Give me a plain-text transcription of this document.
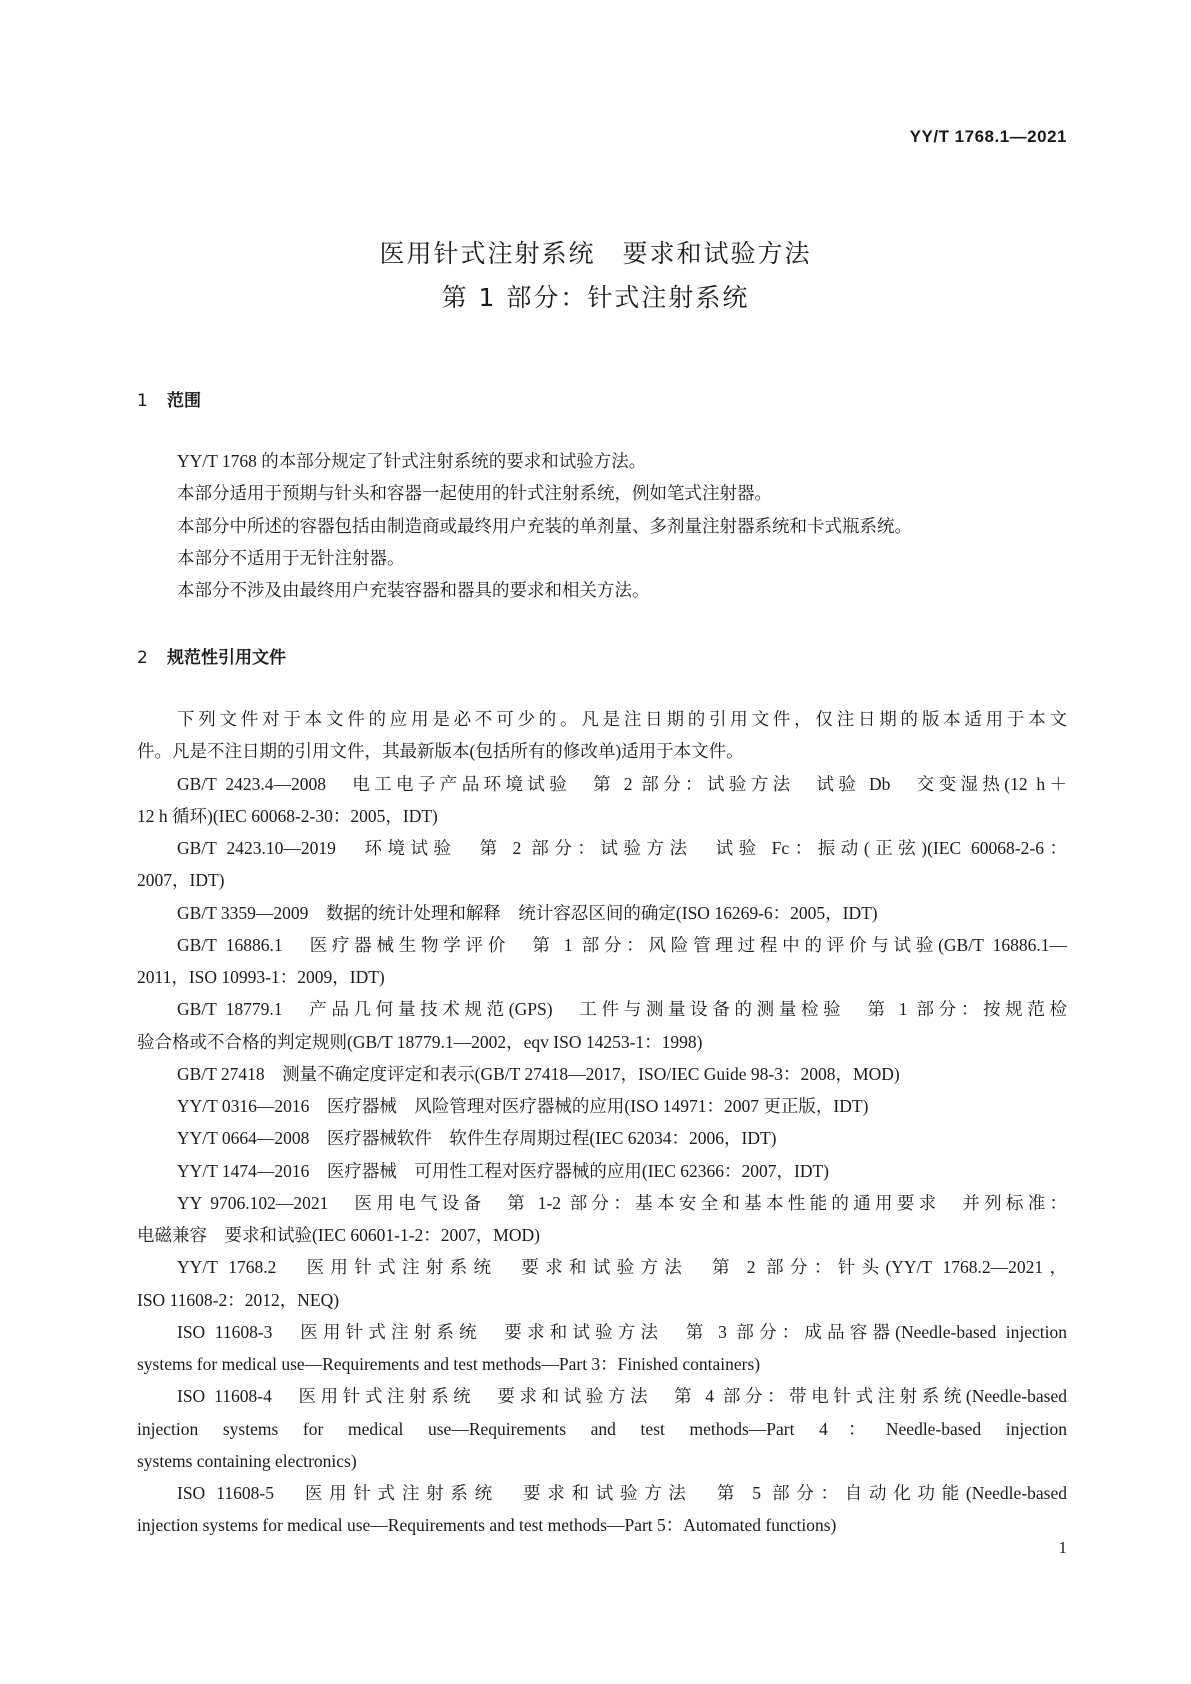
YY/T 1768.1—2021
医用针式注射系统　要求和试验方法
第 1 部分：针式注射系统
1 范围
YY/T 1768 的本部分规定了针式注射系统的要求和试验方法。
本部分适用于预期与针头和容器一起使用的针式注射系统，例如笔式注射器。
本部分中所述的容器包括由制造商或最终用户充装的单剂量、多剂量注射器系统和卡式瓶系统。
本部分不适用于无针注射器。
本部分不涉及由最终用户充装容器和器具的要求和相关方法。
2 规范性引用文件
下列文件对于本文件的应用是必不可少的。凡是注日期的引用文件，仅注日期的版本适用于本文
件。凡是不注日期的引用文件，其最新版本(包括所有的修改单)适用于本文件。
GB/T 2423.4—2008　电工电子产品环境试验　第 2 部分：试验方法　试验 Db　交变湿热(12 h＋
12 h 循环)(IEC 60068-2-30：2005，IDT)
GB/T 2423.10—2019　环境试验　第 2 部分：试验方法　试验 Fc：振动(正弦)(IEC 60068-2-6：
2007，IDT)
GB/T 3359—2009　数据的统计处理和解释　统计容忍区间的确定(ISO 16269-6：2005，IDT)
GB/T 16886.1　医疗器械生物学评价　第 1 部分：风险管理过程中的评价与试验(GB/T 16886.1—
2011，ISO 10993-1：2009，IDT)
GB/T 18779.1　产品几何量技术规范(GPS)　工件与测量设备的测量检验　第 1 部分：按规范检
验合格或不合格的判定规则(GB/T 18779.1—2002，eqv ISO 14253-1：1998)
GB/T 27418　测量不确定度评定和表示(GB/T 27418—2017，ISO/IEC Guide 98-3：2008，MOD)
YY/T 0316—2016　医疗器械　风险管理对医疗器械的应用(ISO 14971：2007 更正版，IDT)
YY/T 0664—2008　医疗器械软件　软件生存周期过程(IEC 62034：2006，IDT)
YY/T 1474—2016　医疗器械　可用性工程对医疗器械的应用(IEC 62366：2007，IDT)
YY 9706.102—2021　医用电气设备　第 1-2 部分：基本安全和基本性能的通用要求　并列标准：
电磁兼容　要求和试验(IEC 60601-1-2：2007，MOD)
YY/T 1768.2　医用针式注射系统　要求和试验方法　第 2 部分：针头(YY/T 1768.2—2021，
ISO 11608-2：2012，NEQ)
ISO 11608-3　医用针式注射系统　要求和试验方法　第 3 部分：成品容器(Needle-based injection
systems for medical use—Requirements and test methods—Part 3：Finished containers)
ISO 11608-4　医用针式注射系统　要求和试验方法　第 4 部分：带电针式注射系统(Needle-based
injection systems for medical use—Requirements and test methods—Part 4：Needle-based injection
systems containing electronics)
ISO 11608-5　医用针式注射系统　要求和试验方法　第 5 部分：自动化功能(Needle-based
injection systems for medical use—Requirements and test methods—Part 5：Automated functions)
1
